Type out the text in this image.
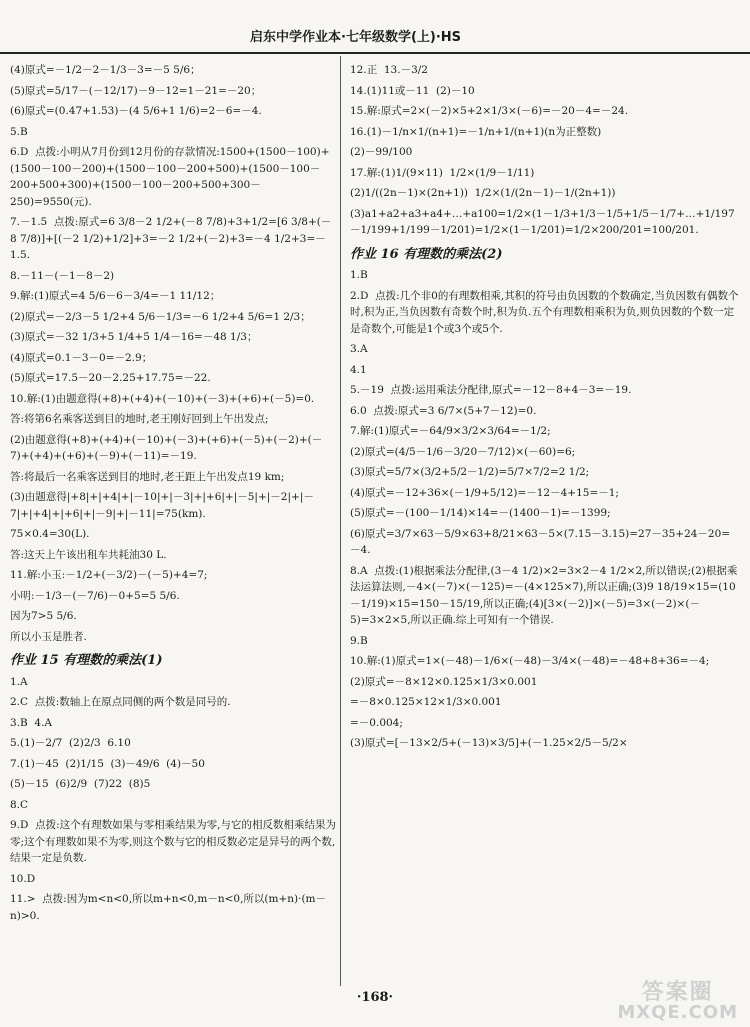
启东中学作业本·七年级数学(上)·HS
(4)原式=－1/2－2－1/3－3=－5 5/6；
(5)原式=5/17－(－12/17)－9－12=1－21=－20；
(6)原式=(0.47+1.53)－(4 5/6+1 1/6)=2－6=－4.
5.B
6.D  点拨:小明从7月份到12月份的存款情况:1500+(1500－100)+(1500－100－200)+(1500－100－200+500)+(1500－100－200+500+300)+(1500－100－200+500+300－250)=9550(元).
7.－1.5  点拨:原式=6 3/8－2 1/2+(－8 7/8)+3+1/2=[6 3/8+(－8 7/8)]+[(－2 1/2)+1/2]+3=－2 1/2+(－2)+3=－4 1/2+3=－1.5.
8.－11－(－1－8－2)
9.解:(1)原式=4 5/6－6－3/4=－1 11/12；
(2)原式=－2/3－5 1/2+4 5/6－1/3=－6 1/2+4 5/6=1 2/3；
(3)原式=－32 1/3+5 1/4+5 1/4－16=－48 1/3；
(4)原式=0.1－3－0=－2.9；
(5)原式=17.5－20－2.25+17.75=－22.
10.解:(1)由题意得(+8)+(+4)+(－10)+(－3)+(+6)+(－5)=0.
答:将第6名乘客送到目的地时,老王刚好回到上午出发点;
(2)由题意得(+8)+(+4)+(－10)+(－3)+(+6)+(－5)+(－2)+(－7)+(+4)+(+6)+(－9)+(－11)=－19.
答:将最后一名乘客送到目的地时,老王距上午出发点19 km;
(3)由题意得|+8|+|+4|+|－10|+|－3|+|+6|+|－5|+|－2|+|－7|+|+4|+|+6|+|－9|+|－11|=75(km).
75×0.4=30(L).
答:这天上午该出租车共耗油30 L.
11.解:小玉:－1/2+(－3/2)－(－5)+4=7;
小明:－1/3－(－7/6)－0+5=5 5/6.
因为7>5 5/6.
所以小玉是胜者.
作业 15 有理数的乘法(1)
1.A
2.C  点拨:数轴上在原点同侧的两个数是同号的.
3.B  4.A
5.(1)－2/7  (2)2/3  6.10
7.(1)－45  (2)1/15  (3)－49/6  (4)－50
(5)－15  (6)2/9  (7)22  (8)5
8.C
9.D  点拨:这个有理数如果与零相乘结果为零,与它的相反数相乘结果为零;这个有理数如果不为零,则这个数与它的相反数必定是异号的两个数,结果一定是负数.
10.D
11.>  点拨:因为m<n<0,所以m+n<0,m－n<0,所以(m+n)·(m－n)>0.
12.正  13.－3/2
14.(1)11或－11  (2)－10
15.解:原式=2×(－2)×5+2×1/3×(－6)=－20－4=－24.
16.(1)－1/n×1/(n+1)=－1/n+1/(n+1)(n为正整数)
(2)－99/100
17.解:(1)1/(9×11)  1/2×(1/9－1/11)
(2)1/((2n－1)×(2n+1))  1/2×(1/(2n－1)－1/(2n+1))
(3)a1+a2+a3+a4+…+a100=1/2×(1－1/3+1/3－1/5+1/5－1/7+…+1/197－1/199+1/199－1/201)=1/2×(1－1/201)=1/2×200/201=100/201.
作业 16 有理数的乘法(2)
1.B
2.D  点拨:几个非0的有理数相乘,其积的符号由负因数的个数确定,当负因数有偶数个时,积为正,当负因数有奇数个时,积为负.五个有理数相乘积为负,则负因数的个数一定是奇数个,可能是1个或3个或5个.
3.A
4.1
5.－19  点拨:运用乘法分配律,原式=－12－8+4－3=－19.
6.0  点拨:原式=3 6/7×(5+7－12)=0.
7.解:(1)原式=－64/9×3/2×3/64=－1/2;
(2)原式=(4/5－1/6－3/20－7/12)×(－60)=6;
(3)原式=5/7×(3/2+5/2－1/2)=5/7×7/2=2 1/2;
(4)原式=－12+36×(－1/9+5/12)=－12－4+15=－1;
(5)原式=－(100－1/14)×14=－(1400－1)=－1399;
(6)原式=3/7×63－5/9×63+8/21×63－5×(7.15－3.15)=27－35+24－20=－4.
8.A  点拨:(1)根据乘法分配律,(3－4 1/2)×2=3×2－4 1/2×2,所以错误;(2)根据乘法运算法则,－4×(－7)×(－125)=－(4×125×7),所以正确;(3)9 18/19×15=(10－1/19)×15=150－15/19,所以正确;(4)[3×(－2)]×(－5)=3×(－2)×(－5)=3×2×5,所以正确.综上可知有一个错误.
9.B
10.解:(1)原式=1×(－48)－1/6×(－48)－3/4×(－48)=－48+8+36=－4;
(2)原式=－8×12×0.125×1/3×0.001
=－8×0.125×12×1/3×0.001
=－0.004;
(3)原式=[－13×2/5+(－13)×3/5]+(－1.25×2/5－5/2×
·168·	答案圈
MXQE.COM
